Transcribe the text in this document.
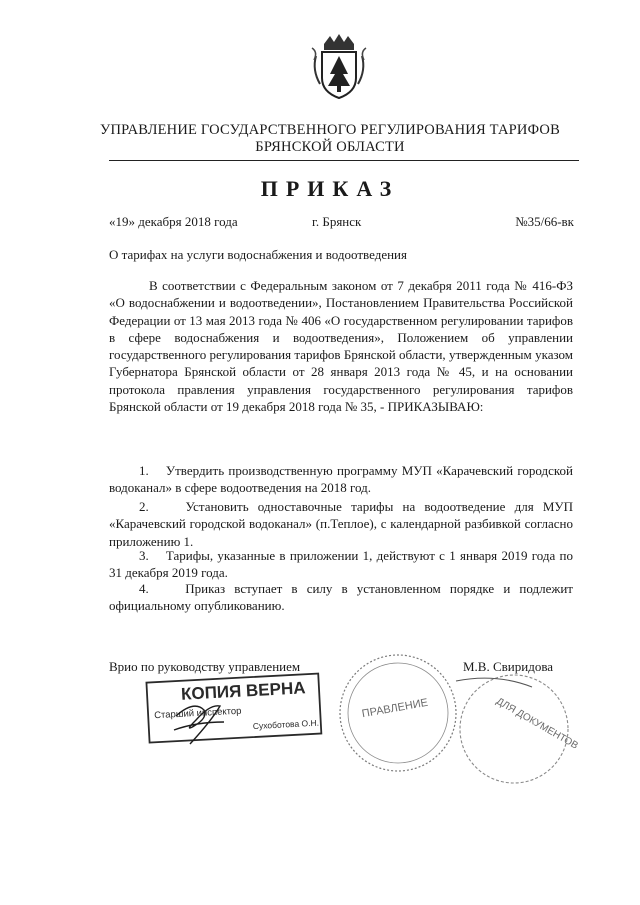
УПРАВЛЕНИЕ ГОСУДАРСТВЕННОГО РЕГУЛИРОВАНИЯ ТАРИФОВ
БРЯНСКОЙ ОБЛАСТИ
ПРИКАЗ
«19» декабря 2018 года	г. Брянск	№35/66-вк
О тарифах на услуги водоснабжения и водоотведения
В соответствии с Федеральным законом от 7 декабря 2011 года № 416-ФЗ «О водоснабжении и водоотведении», Постановлением Правительства Российской Федерации от 13 мая 2013 года № 406 «О государственном регулировании тарифов в сфере водоснабжения и водоотведения», Положением об управлении государственного регулирования тарифов Брянской области, утвержденным указом Губернатора Брянской области от 28 января 2013 года № 45, и на основании протокола правления управления государственного регулирования тарифов Брянской области от 19 декабря 2018 года № 35, - ПРИКАЗЫВАЮ:
1.    Утвердить производственную программу МУП «Карачевский городской водоканал» в сфере водоотведения на 2018 год.
2.    Установить одноставочные тарифы на водоотведение для МУП «Карачевский городской водоканал» (п.Теплое), с календарной разбивкой согласно приложению 1.
3.    Тарифы, указанные в приложении 1, действуют с 1 января 2019 года по 31 декабря 2019 года.
4.    Приказ вступает в силу в установленном порядке и подлежит официальному опубликованию.
Врио по руководству управлением	М.В. Свиридова
КОПИЯ ВЕРНА
Старший инспектор
Сухоботова О.Н.
ПРАВЛЕНИЕ	ДЛЯ ДОКУМЕНТОВ
